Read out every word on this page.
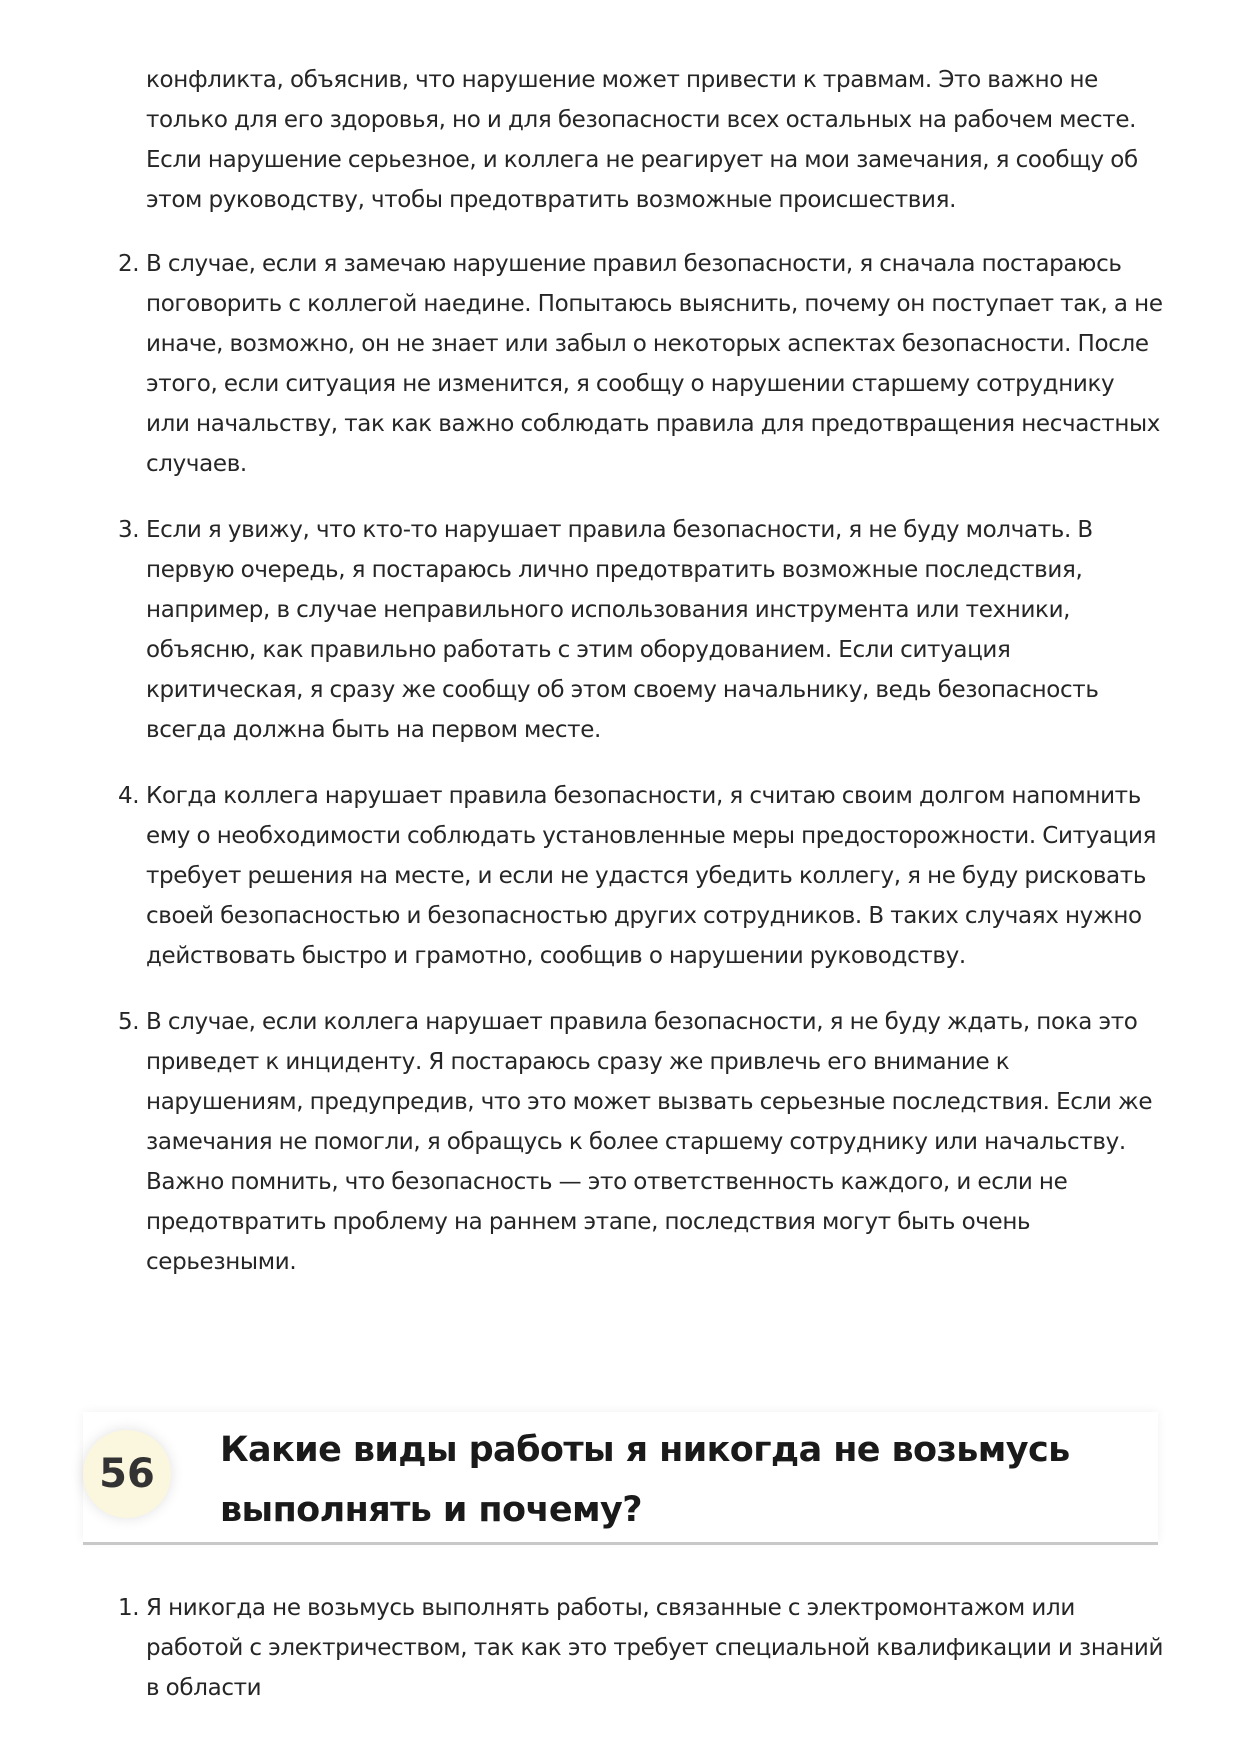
конфликта, объяснив, что нарушение может привести к травмам. Это важно не только для его здоровья, но и для безопасности всех остальных на рабочем месте. Если нарушение серьезное, и коллега не реагирует на мои замечания, я сообщу об этом руководству, чтобы предотвратить возможные происшествия.

2. В случае, если я замечаю нарушение правил безопасности, я сначала постараюсь поговорить с коллегой наедине. Попытаюсь выяснить, почему он поступает так, а не иначе, возможно, он не знает или забыл о некоторых аспектах безопасности. После этого, если ситуация не изменится, я сообщу о нарушении старшему сотруднику или начальству, так как важно соблюдать правила для предотвращения несчастных случаев.
3. Если я увижу, что кто-то нарушает правила безопасности, я не буду молчать. В первую очередь, я постараюсь лично предотвратить возможные последствия, например, в случае неправильного использования инструмента или техники, объясню, как правильно работать с этим оборудованием. Если ситуация критическая, я сразу же сообщу об этом своему начальнику, ведь безопасность всегда должна быть на первом месте.
4. Когда коллега нарушает правила безопасности, я считаю своим долгом напомнить ему о необходимости соблюдать установленные меры предосторожности. Ситуация требует решения на месте, и если не удастся убедить коллегу, я не буду рисковать своей безопасностью и безопасностью других сотрудников. В таких случаях нужно действовать быстро и грамотно, сообщив о нарушении руководству.
5. В случае, если коллега нарушает правила безопасности, я не буду ждать, пока это приведет к инциденту. Я постараюсь сразу же привлечь его внимание к нарушениям, предупредив, что это может вызвать серьезные последствия. Если же замечания не помогли, я обращусь к более старшему сотруднику или начальству. Важно помнить, что безопасность — это ответственность каждого, и если не предотвратить проблему на раннем этапе, последствия могут быть очень серьезными.
56
Какие виды работы я никогда не возьмусь выполнять и почему?
1. Я никогда не возьмусь выполнять работы, связанные с электромонтажом или работой с электричеством, так как это требует специальной квалификации и знаний в области
